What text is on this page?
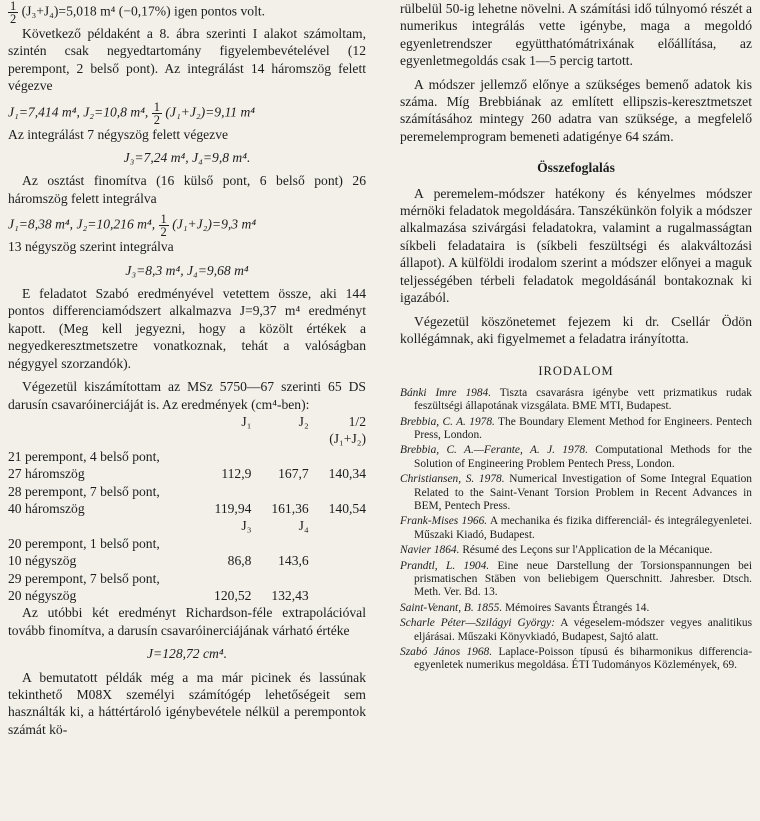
$\frac{1}{2} (J_3+J_4)=5,018$ m⁴ (−0,17%) igen pontos volt.

Következő példaként a 8. ábra szerinti I alakot számoltam, szintén csak negyedtartomány figyelembevételével (12 perempont, 2 belső pont). Az integrálást 14 háromszög felett végezve

J₁=7,414 m⁴, J₂=10,8 m⁴, $\frac{1}{2} (J_1+J_2)=9,11$ m⁴

Az integrálást 7 négyszög felett végezve

J₃=7,24 m⁴, J₄=9,8 m⁴.

Az osztást finomítva (16 külső pont, 6 belső pont) 26 háromszög felett integrálva

J₁=8,38 m⁴, J₂=10,216 m⁴, $\frac{1}{2} (J_1+J_2)=9,3$ m⁴

13 négyszög szerint integrálva

J₃=8,3 m⁴, J₄=9,68 m⁴

E feladatot Szabó eredményével vetettem össze, aki 144 pontos differenciamódszert alkalmazva J=9,37 m⁴ eredményt kapott. (Meg kell jegyezni, hogy a közölt értékek a negyedkeresztmetszetre vonatkoznak, tehát a valóságban négygyel szorzandók).

Végezetül kiszámítottam az MSz 5750—67 szerinti 65 DS darusín csavaróinerciáját is. Az eredmények (cm⁴-ben):

	J₁	J₂	1/2
			(J₁+J₂)
21 perempont, 4 belső pont,			
27 háromszög	112,9	167,7	140,34
28 perempont, 7 belső pont,			
40 háromszög	119,94	161,36	140,54
	J₃	J₄	
20 perempont, 1 belső pont,			
10 négyszög	86,8	143,6	
29 perempont, 7 belső pont,			
20 négyszög	120,52	132,43	

Az utóbbi két eredményt Richardson-féle extrapolációval tovább finomítva, a darusín csavaróinerciájának várható értéke

J=128,72 cm⁴.

A bemutatott példák még a ma már picinek és lassúnak tekinthető M08X személyi számítógép lehetőségeit sem használták ki, a háttértároló igénybevétele nélkül a perempontok számát kö-

rülbelül 50-ig lehetne növelni. A számítási idő túlnyomó részét a numerikus integrálás vette igénybe, maga a megoldó egyenletrendszer együtthatómátrixának előállítása, az egyenletmegoldás csak 1—5 percig tartott.

A módszer jellemző előnye a szükséges bemenő adatok kis száma. Míg Brebbiának az említett ellipszis-keresztmetszet számításához mintegy 260 adatra van szüksége, a megfelelő peremelemprogram bemeneti adatigénye 64 szám.

Összefoglalás

A peremelem-módszer hatékony és kényelmes módszer mérnöki feladatok megoldására. Tanszékünkön folyik a módszer alkalmazása szivárgási feladatokra, valamint a rugalmasságtan síkbeli feladataira is (síkbeli feszültségi és alakváltozási állapot). A külföldi irodalom szerint a módszer előnyei a maguk teljességében térbeli feladatok megoldásánál bontakoznak ki igazából.

Végezetül köszönetemet fejezem ki dr. Csellár Ödön kollégámnak, aki figyelmemet a feladatra irányította.

IRODALOM

Bánki Imre 1984. Tiszta csavarásra igénybe vett prizmatikus rudak feszültségi állapotának vizsgálata. BME MTI, Budapest.

Brebbia, C. A. 1978. The Boundary Element Method for Engineers. Pentech Press, London.

Brebbia, C. A.—Ferante, A. J. 1978. Computational Methods for the Solution of Engineering Problem Pentech Press, London.

Christiansen, S. 1978. Numerical Investigation of Some Integral Equation Related to the Saint-Venant Torsion Problem in Recent Advances in BEM, Pentech Press.

Frank-Mises 1966. A mechanika és fizika differenciál- és integrálegyenletei. Műszaki Kiadó, Budapest.

Navier 1864. Résumé des Leçons sur l'Application de la Mécanique.

Prandtl, L. 1904. Eine neue Darstellung der Torsionspannungen bei prismatischen Stäben von beliebigem Querschnitt. Jahresber. Dtsch. Meth. Ver. Bd. 13.

Saint-Venant, B. 1855. Mémoires Savants Étrangés 14.

Scharle Péter—Szilágyi György: A végeselem-módszer vegyes analitikus eljárásai. Műszaki Könyvkiadó, Budapest, Sajtó alatt.

Szabó János 1968. Laplace-Poisson típusú és biharmonikus differencia-egyenletek numerikus megoldása. ÉTI Tudományos Közlemények, 69.
